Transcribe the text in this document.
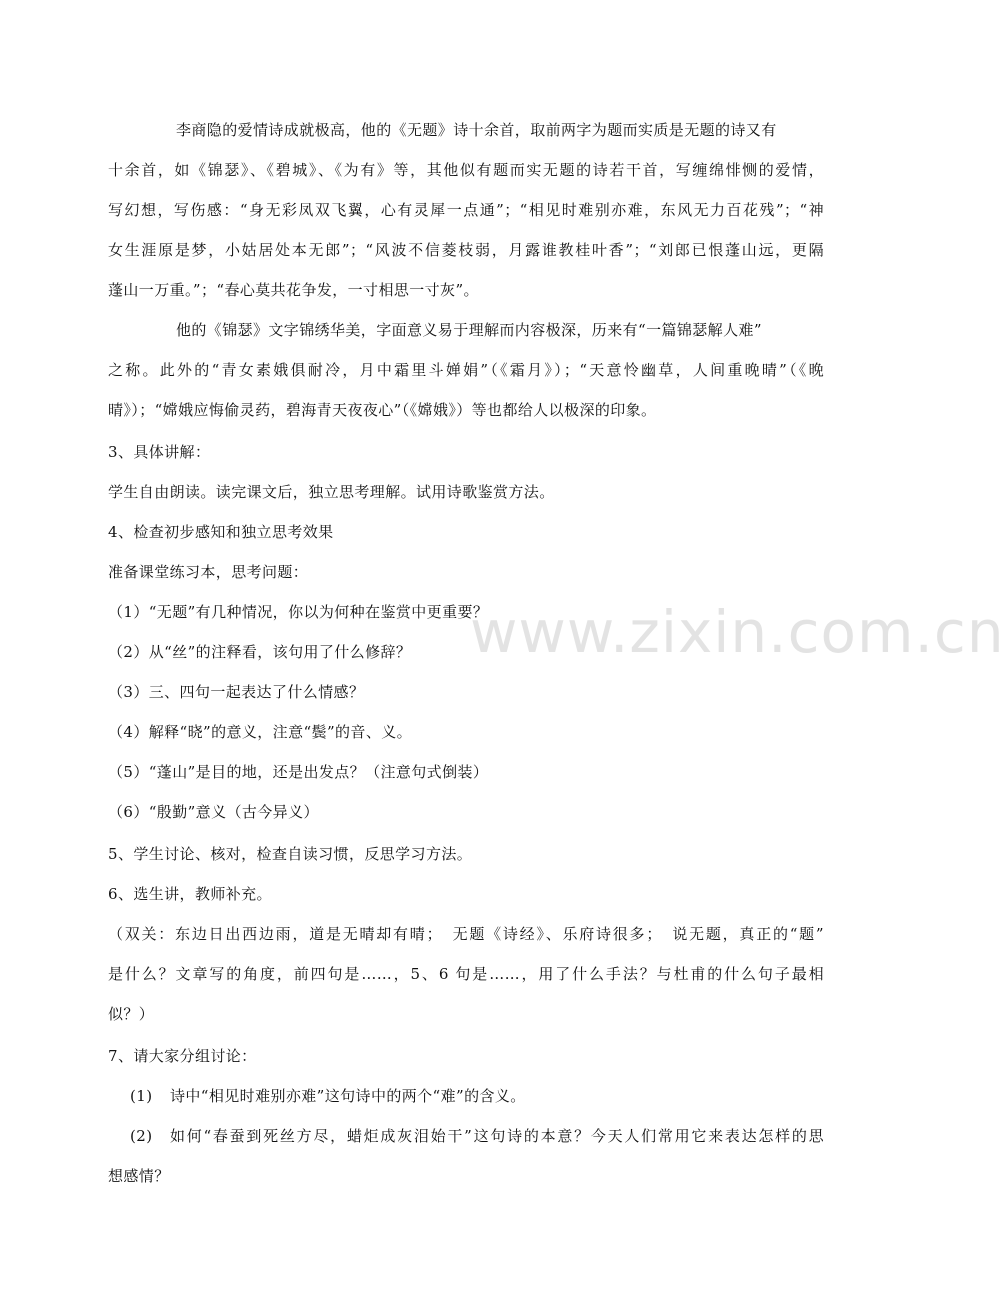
www.zixin.com.cn
李商隐的爱情诗成就极高，他的《无题》诗十余首，取前两字为题而实质是无题的诗又有
十余首，如《锦瑟》、《碧城》、《为有》等，其他似有题而实无题的诗若干首，写缠绵悱恻的爱情，
写幻想，写伤感：“身无彩凤双飞翼，心有灵犀一点通”；“相见时难别亦难，东风无力百花残”；“神
女生涯原是梦，小姑居处本无郎”；“风波不信菱枝弱，月露谁教桂叶香”；“刘郎已恨蓬山远，更隔
蓬山一万重。”；“春心莫共花争发，一寸相思一寸灰”。
他的《锦瑟》文字锦绣华美，字面意义易于理解而内容极深，历来有“一篇锦瑟解人难”
之称。此外的“青女素娥俱耐冷，月中霜里斗婵娟”（《霜月》）；“天意怜幽草，人间重晚晴”（《晚
晴》）；“嫦娥应悔偷灵药，碧海青天夜夜心”（《嫦娥》）等也都给人以极深的印象。
3、具体讲解：
学生自由朗读。读完课文后，独立思考理解。试用诗歌鉴赏方法。
4、检查初步感知和独立思考效果
准备课堂练习本，思考问题：
（1）“无题”有几种情况，你以为何种在鉴赏中更重要？
（2）从“丝”的注释看，该句用了什么修辞？
（3）三、四句一起表达了什么情感？
（4）解释“晓”的意义，注意“鬓”的音、义。
（5）“蓬山”是目的地，还是出发点？（注意句式倒装）
（6）“殷勤”意义（古今异义）
5、学生讨论、核对，检查自读习惯，反思学习方法。
6、选生讲，教师补充。
（双关：东边日出西边雨，道是无晴却有晴；　无题《诗经》、乐府诗很多；　说无题，真正的“题”
是什么？文章写的角度，前四句是……，5、6 句是……，用了什么手法？与杜甫的什么句子最相
似？）
7、请大家分组讨论：
(1) 诗中“相见时难别亦难”这句诗中的两个“难”的含义。
(2) 如何“春蚕到死丝方尽，蜡炬成灰泪始干”这句诗的本意？今天人们常用它来表达怎样的思
想感情？
